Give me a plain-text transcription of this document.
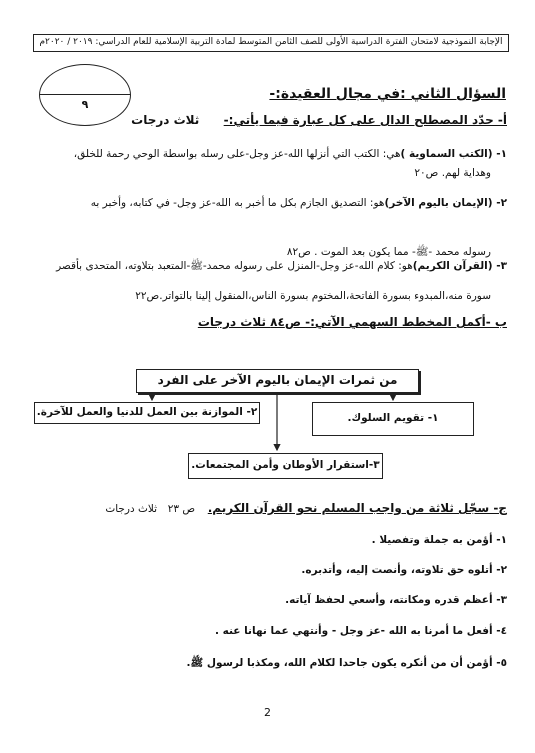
الإجابة النموذجية لامتحان الفترة الدراسية الأولى للصف الثامن المتوسط لمادة التربية الإسلامية للعام الدراسي: ٢٠١٩ / ٢٠٢٠م
٩
السؤال الثاني :في مجال العقيدة:-
أ- حدّد المصطلح الدال على كل عبارة فيما يأتي:-  ثلاث درجات
١- (الكتب السماوية )هي: الكتب التي أنزلها الله-عز وجل-على رسله بواسطة الوحي رحمة للخلق،
وهداية لهم. ص٢٠
٢- (الإيمان باليوم الآخر)هو: التصديق الجازم بكل ما أخبر به الله-عز وجل- في كتابه، وأخبر به
رسوله محمد -ﷺ- مما يكون بعد الموت . ص٨٢
٣- (القرآن الكريم)هو: كلام الله-عز وجل-المنزل على رسوله محمد-ﷺ-المتعبد بتلاوته، المتحدى بأقصر
سورة منه،المبدوء بسورة الفاتحة،المختوم بسورة الناس،المنقول إلينا بالتواتر.ص٢٢
ب -أكمل المخطط السهمي الآتي:- ص٨٤ ثلاث درجات
من ثمرات الإيمان باليوم الآخر على الفرد
٢- الموازنة بين العمل للدنيا والعمل للآخرة.	١- تقويم السلوك.
٣-استقرار الأوطان وأمن المجتمعات.
ج- سجّل ثلاثة من واجب المسلم نحو القرآن الكريم.  ص ٢٣  ثلاث درجات
١- أؤمن به جملة وتفصيلا .
٢- أتلوه حق تلاوته، وأنصت إليه، وأتدبره.
٣- أعظم قدره ومكانته، وأسعي لحفظ آياته.
٤- أفعل ما أمرنا به الله -عز وجل - وأنتهي عما نهانا عنه .
٥- أؤمن أن من أنكره يكون جاحدا لكلام الله، ومكذبا لرسول ﷺ.
2
